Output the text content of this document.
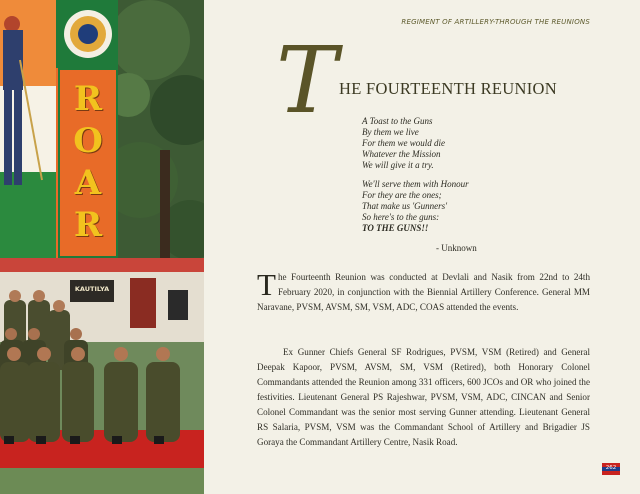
R
O
A
R
KAUTILYA
REGIMENT OF ARTILLERY-THROUGH THE REUNIONS
T HE FOURTEENTH REUNION
A Toast to the Guns
By them we live
For them we would die
Whatever the Mission
We will give it a try.
We'll serve them with Honour
For they are the ones;
That make us 'Gunners'
So here's to the guns:
TO THE GUNS!!
- Unknown
T he Fourteenth Reunion was conducted at Devlali and Nasik from 22nd to 24th February 2020, in conjunction with the Biennial Artillery Conference. General MM Naravane, PVSM, AVSM, SM, VSM, ADC, COAS attended the events.
Ex Gunner Chiefs General SF Rodrigues, PVSM, VSM (Retired) and General Deepak Kapoor, PVSM, AVSM, SM, VSM (Retired), both Honorary Colonel Commandants attended the Reunion among 331 officers, 600 JCOs and OR who joined the festivities. Lieutenant General PS Rajeshwar, PVSM, VSM, ADC, CINCAN and Senior Colonel Commandant was the senior most serving Gunner attending. Lieutenant General RS Salaria, PVSM, VSM was the Commandant School of Artillery and Brigadier JS Goraya the Commandant Artillery Centre, Nasik Road.
262
